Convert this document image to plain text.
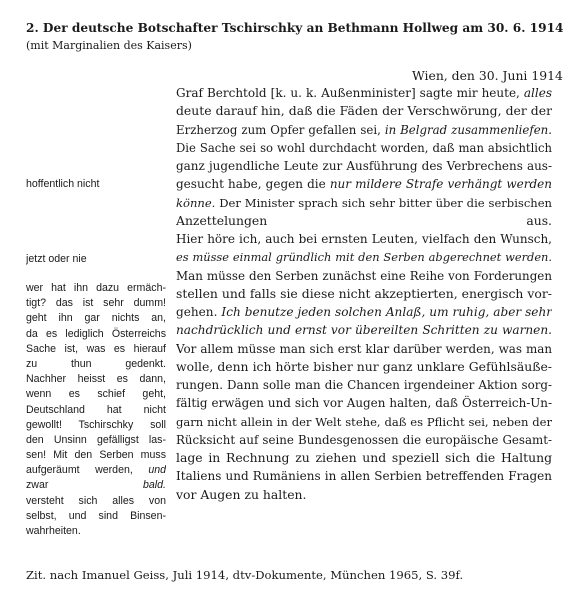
2. Der deutsche Botschafter Tschirschky an Bethmann Hollweg am 30. 6. 1914
(mit Marginalien des Kaisers)
Wien, den 30. Juni 1914
Graf Berchtold [k. u. k. Außenminister] sagte mir heute, alles
deute darauf hin, daß die Fäden der Verschwörung, der der
Erzherzog zum Opfer gefallen sei, in Belgrad zusammenliefen.
Die Sache sei so wohl durchdacht worden, daß man absichtlich
ganz jugendliche Leute zur Ausführung des Verbrechens aus-
gesucht habe, gegen die nur mildere Strafe verhängt werden
könne. Der Minister sprach sich sehr bitter über die serbischen
Anzettelungen aus.
Hier höre ich, auch bei ernsten Leuten, vielfach den Wunsch,
es müsse einmal gründlich mit den Serben abgerechnet werden.
Man müsse den Serben zunächst eine Reihe von Forderungen
stellen und falls sie diese nicht akzeptierten, energisch vor-
gehen. Ich benutze jeden solchen Anlaß, um ruhig, aber sehr
nachdrücklich und ernst vor übereilten Schritten zu warnen.
Vor allem müsse man sich erst klar darüber werden, was man
wolle, denn ich hörte bisher nur ganz unklare Gefühlsäuße-
rungen. Dann solle man die Chancen irgendeiner Aktion sorg-
fältig erwägen und sich vor Augen halten, daß Österreich-Un-
garn nicht allein in der Welt stehe, daß es Pflicht sei, neben der
Rücksicht auf seine Bundesgenossen die europäische Gesamt-
lage in Rechnung zu ziehen und speziell sich die Haltung
Italiens und Rumäniens in allen Serbien betreffenden Fragen
vor Augen zu halten.
hoffentlich nicht
jetzt oder nie
wer hat ihn dazu ermäch-
tigt? das ist sehr dumm!
geht ihn gar nichts an,
da es lediglich Österreichs
Sache ist, was es hierauf
zu thun gedenkt.
Nachher heisst es dann,
wenn es schief geht,
Deutschland hat nicht
gewollt! Tschirschky soll
den Unsinn gefälligst las-
sen! Mit den Serben muss
aufgeräumt werden, und
zwar bald.
versteht sich alles von
selbst, und sind Binsen-
wahrheiten.
Zit. nach Imanuel Geiss, Juli 1914, dtv-Dokumente, München 1965, S. 39f.
